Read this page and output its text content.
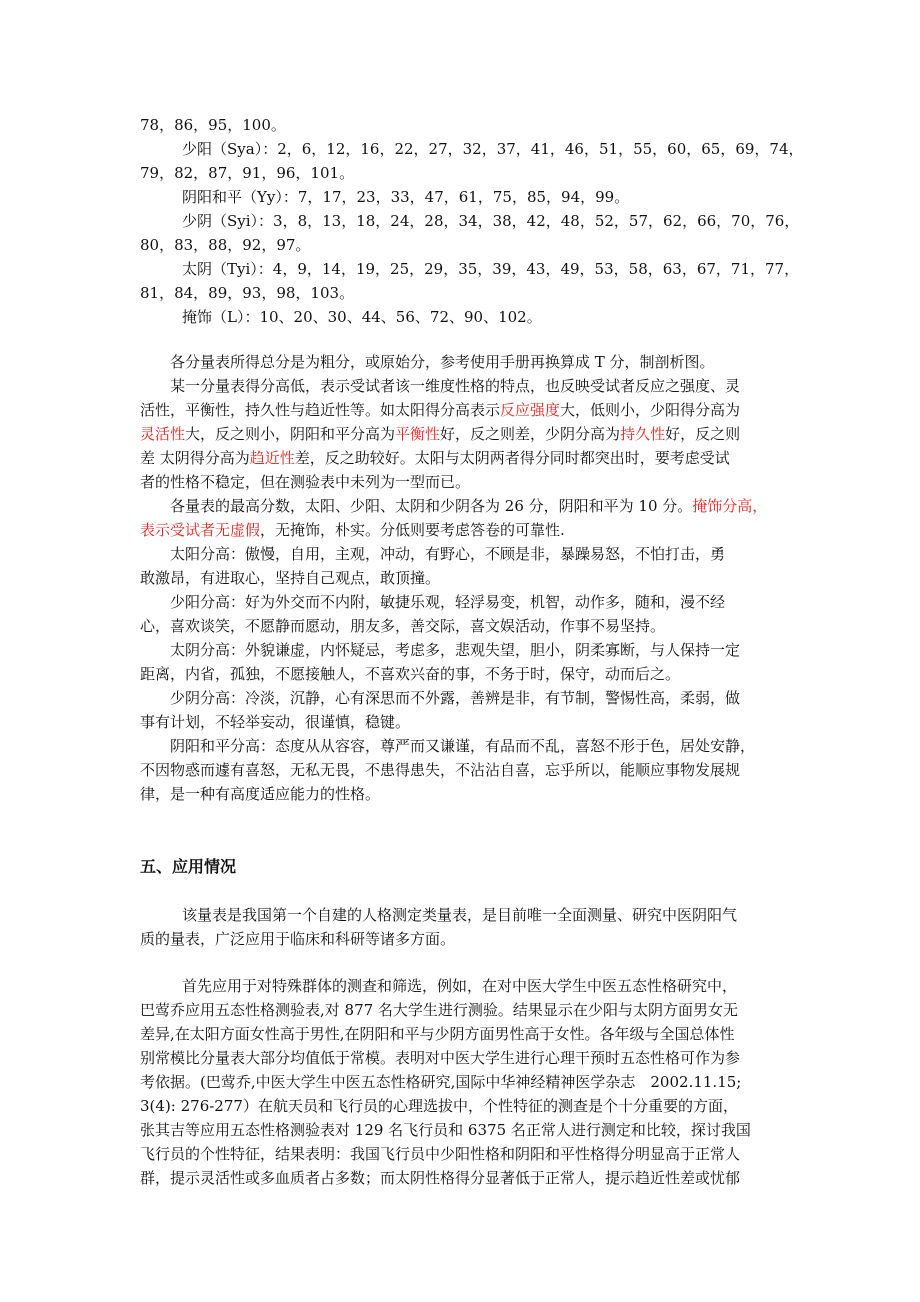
78，86，95，100。

少阳（Sya）：2，6，12，16，22，27，32，37，41，46，51，55，60，65，69，74，

79，82，87，91，96，101。

阴阳和平（Yy）：7，17，23，33，47，61，75，85，94，99。

少阴（Syi）：3，8，13，18，24，28，34，38，42，48，52，57，62，66，70，76，

80，83，88，92，97。

太阴（Tyi）：4，9，14，19，25，29，35，39，43，49，53，58，63，67，71，77，

81，84，89，93，98，103。

掩饰（L）：10、20、30、44、56、72、90、102。

各分量表所得总分是为粗分，或原始分，参考使用手册再换算成 T 分，制剖析图。

某一分量表得分高低，表示受试者该一维度性格的特点，也反映受试者反应之强度、灵

活性，平衡性，持久性与趋近性等。如太阳得分高表示反应强度大，低则小，少阳得分高为

灵活性大，反之则小，阴阳和平分高为平衡性好，反之则差，少阴分高为持久性好，反之则

差 太阴得分高为趋近性差，反之助较好。太阳与太阴两者得分同时都突出时，要考虑受试

者的性格不稳定，但在测验表中未列为一型而已。

各量表的最高分数，太阳、少阳、太阴和少阴各为 26 分，阴阳和平为 10 分。掩饰分高，

表示受试者无虚假，无掩饰，朴实。分低则要考虑答卷的可靠性.

太阳分高：傲慢，自用，主观，冲动，有野心，不顾是非，暴躁易怒，不怕打击，勇

敢激昂，有进取心，坚持自己观点，敢顶撞。

少阳分高：好为外交而不内附，敏捷乐观，轻浮易变，机智，动作多，随和，漫不经

心，喜欢谈笑，不愿静而愿动，朋友多，善交际，喜文娱活动，作事不易坚持。

太阴分高：外貌谦虚，内怀疑忌，考虑多，悲观失望，胆小，阴柔寡断，与人保持一定

距离，内省，孤独，不愿接触人，不喜欢兴奋的事，不务于时，保守，动而后之。

少阴分高：冷淡，沉静，心有深思而不外露，善辨是非，有节制，警惕性高，柔弱，做

事有计划，不轻举妄动，很谨慎，稳键。

阴阳和平分高：态度从从容容，尊严而又谦谨，有品而不乱，喜怒不形于色，居处安静，

不因物惑而遽有喜怒，无私无畏，不患得患失，不沾沾自喜，忘乎所以，能顺应事物发展规

律，是一种有高度适应能力的性格。

五、应用情况

该量表是我国第一个自建的人格测定类量表，是目前唯一全面测量、研究中医阴阳气

质的量表，广泛应用于临床和科研等诸多方面。

首先应用于对特殊群体的测查和筛选，例如，在对中医大学生中医五态性格研究中，

巴莺乔应用五态性格测验表,对 877 名大学生进行测验。结果显示在少阳与太阴方面男女无

差异,在太阳方面女性高于男性,在阴阳和平与少阴方面男性高于女性。各年级与全国总体性

别常模比分量表大部分均值低于常模。表明对中医大学生进行心理干预时五态性格可作为参

考依据。(巴莺乔,中医大学生中医五态性格研究,国际中华神经精神医学杂志　2002.11.15;

3(4): 276-277）在航天员和飞行员的心理选拔中，个性特征的测查是个十分重要的方面，

张其吉等应用五态性格测验表对 129 名飞行员和 6375 名正常人进行测定和比较，探讨我国

飞行员的个性特征，结果表明：我国飞行员中少阳性格和阴阳和平性格得分明显高于正常人

群，提示灵活性或多血质者占多数；而太阴性格得分显著低于正常人，提示趋近性差或忧郁
